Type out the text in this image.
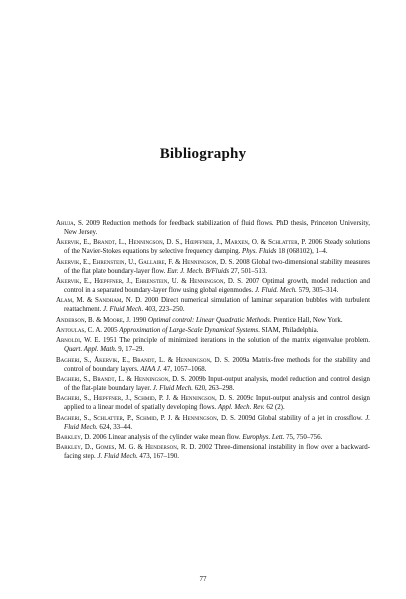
Bibliography
Ahuja, S. 2009 Reduction methods for feedback stabilization of fluid flows. PhD thesis, Princeton University, New Jersey.
Åkervik, E., Brandt, L., Henningson, D. S., Hœpffner, J., Marxen, O. & Schlatter, P. 2006 Steady solutions of the Navier-Stokes equations by selective frequency damping. Phys. Fluids 18 (068102), 1–4.
Åkervik, E., Ehrenstein, U., Gallaire, F. & Henningson, D. S. 2008 Global two-dimensional stability measures of the flat plate boundary-layer flow. Eur. J. Mech. B/Fluids 27, 501–513.
Åkervik, E., Hœpffner, J., Ehrenstein, U. & Henningson, D. S. 2007 Optimal growth, model reduction and control in a separated boundary-layer flow using global eigenmodes. J. Fluid. Mech. 579, 305–314.
Alam, M. & Sandham, N. D. 2000 Direct numerical simulation of laminar separation bubbles with turbulent reattachment. J. Fluid Mech. 403, 223–250.
Anderson, B. & Moore, J. 1990 Optimal control: Linear Quadratic Methods. Prentice Hall, New York.
Antoulas, C. A. 2005 Approximation of Large-Scale Dynamical Systems. SIAM, Philadelphia.
Arnoldi, W. E. 1951 The principle of minimized iterations in the solution of the matrix eigenvalue problem. Quart. Appl. Math. 9, 17–29.
Bagheri, S., Åkervik, E., Brandt, L. & Henningson, D. S. 2009a Matrix-free methods for the stability and control of boundary layers. AIAA J. 47, 1057–1068.
Bagheri, S., Brandt, L. & Henningson, D. S. 2009b Input-output analysis, model reduction and control design of the flat-plate boundary layer. J. Fluid Mech. 620, 263–298.
Bagheri, S., Hœpffner, J., Schmid, P. J. & Henningson, D. S. 2009c Input-output analysis and control design applied to a linear model of spatially developing flows. Appl. Mech. Rev. 62 (2).
Bagheri, S., Schlatter, P., Schmid, P. J. & Henningson, D. S. 2009d Global stability of a jet in crossflow. J. Fluid Mech. 624, 33–44.
Barkley, D. 2006 Linear analysis of the cylinder wake mean flow. Europhys. Lett. 75, 750–756.
Barkley, D., Gomes, M. G. & Henderson, R. D. 2002 Three-dimensional instability in flow over a backward-facing step. J. Fluid Mech. 473, 167–190.
77
